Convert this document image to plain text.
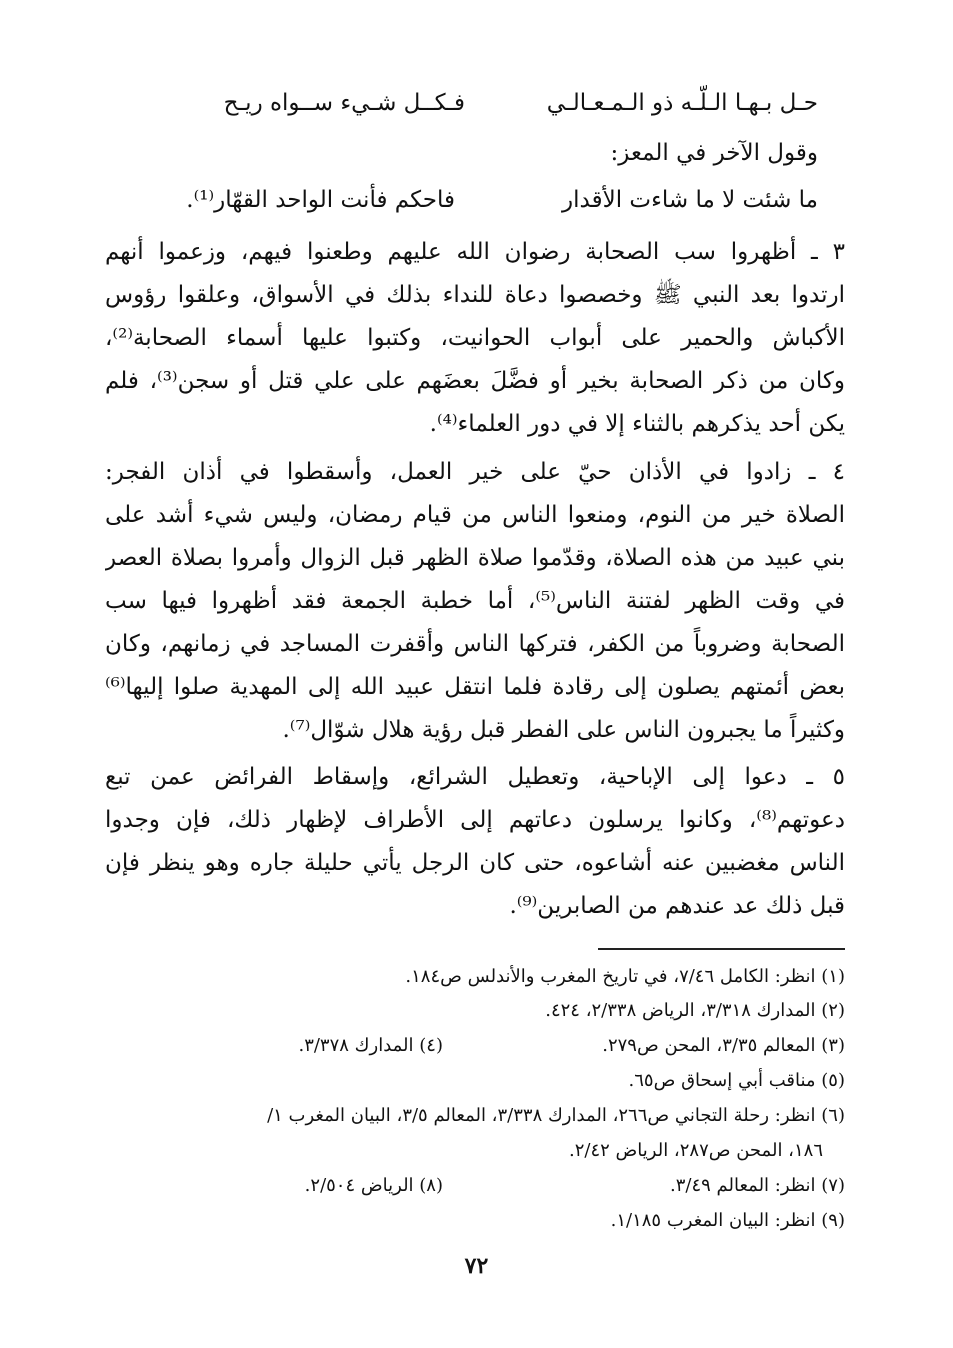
حـل بـهـا الـلّـه ذو الـمـعـالـي
فـكــل شـيء ســواه ريـح
وقول الآخر في المعز:
ما شئت لا ما شاءت الأقدار
فاحكم فأنت الواحد القهّار⁽¹⁾.
٣ ـ أظهروا سب الصحابة رضوان الله عليهم وطعنوا فيهم، وزعموا أنهم
ارتدوا بعد النبي ﷺ وخصصوا دعاة للنداء بذلك في الأسواق، وعلقوا رؤوس
الأكباش والحمير على أبواب الحوانيت، وكتبوا عليها أسماء الصحابة⁽²⁾،
وكان من ذكر الصحابة بخير أو فضَّلَ بعضَهم على علي قتل أو سجن⁽³⁾، فلم
يكن أحد يذكرهم بالثناء إلا في دور العلماء⁽⁴⁾.
٤ ـ زادوا في الأذان حيّ على خير العمل، وأسقطوا في أذان الفجر:
الصلاة خير من النوم، ومنعوا الناس من قيام رمضان، وليس شيء أشد على
بني عبيد من هذه الصلاة، وقدّموا صلاة الظهر قبل الزوال وأمروا بصلاة العصر
في وقت الظهر لفتنة الناس⁽⁵⁾، أما خطبة الجمعة فقد أظهروا فيها سب
الصحابة وضروباً من الكفر، فتركها الناس وأقفرت المساجد في زمانهم، وكان
بعض أئمتهم يصلون إلى رقادة فلما انتقل عبيد الله إلى المهدية صلوا إليها⁽⁶⁾
وكثيراً ما يجبرون الناس على الفطر قبل رؤية هلال شوّال⁽⁷⁾.
٥ ـ دعوا إلى الإباحية، وتعطيل الشرائع، وإسقاط الفرائض عمن تبع
دعوتهم⁽⁸⁾، وكانوا يرسلون دعاتهم إلى الأطراف لإظهار ذلك، فإن وجدوا
الناس مغضبين عنه أشاعوه، حتى كان الرجل يأتي حليلة جاره وهو ينظر فإن
قبل ذلك عد عندهم من الصابرين⁽⁹⁾.
(١) انظر: الكامل ٧/٤٦، في تاريخ المغرب والأندلس ص١٨٤.
(٢) المدارك ٣/٣١٨، الرياض ٢/٣٣٨، ٤٢٤.
(٣) المعالم ٣/٣٥، المحن ص٢٧٩.
(٤) المدارك ٣/٣٧٨.
(٥) مناقب أبي إسحاق ص٦٥.
(٦) انظر: رحلة التجاني ص٢٦٦، المدارك ٣/٣٣٨، المعالم ٣/٥، البيان المغرب ١/
١٨٦، المحن ص٢٨٧، الرياض ٢/٤٢.
(٧) انظر: المعالم ٣/٤٩.
(٨) الرياض ٢/٥٠٤.
(٩) انظر: البيان المغرب ١/١٨٥.
٧٢
